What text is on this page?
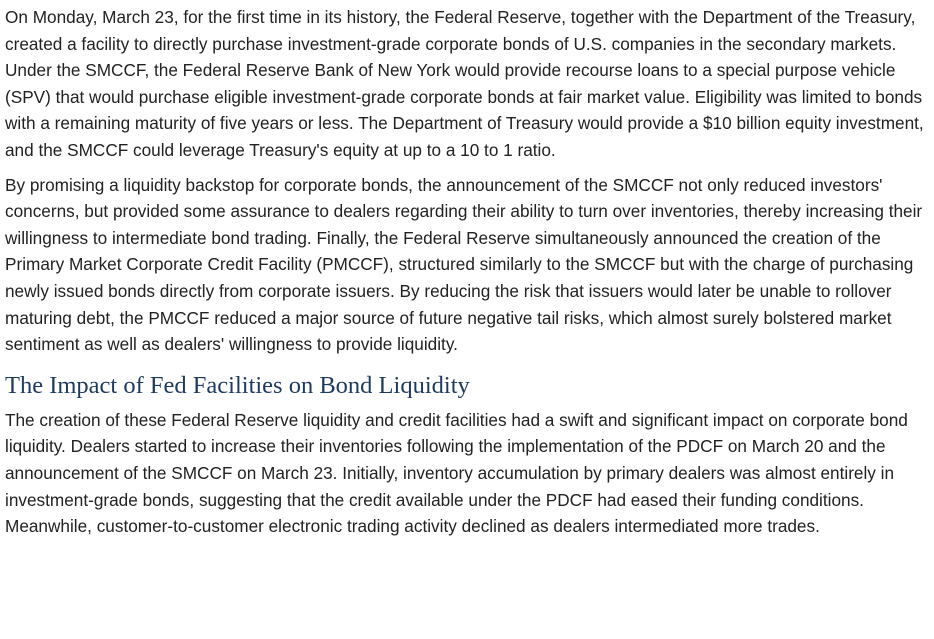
On Monday, March 23, for the first time in its history, the Federal Reserve, together with the Department of the Treasury, created a facility to directly purchase investment-grade corporate bonds of U.S. companies in the secondary markets. Under the SMCCF, the Federal Reserve Bank of New York would provide recourse loans to a special purpose vehicle (SPV) that would purchase eligible investment-grade corporate bonds at fair market value. Eligibility was limited to bonds with a remaining maturity of five years or less. The Department of Treasury would provide a $10 billion equity investment, and the SMCCF could leverage Treasury's equity at up to a 10 to 1 ratio.

By promising a liquidity backstop for corporate bonds, the announcement of the SMCCF not only reduced investors' concerns, but provided some assurance to dealers regarding their ability to turn over inventories, thereby increasing their willingness to intermediate bond trading. Finally, the Federal Reserve simultaneously announced the creation of the Primary Market Corporate Credit Facility (PMCCF), structured similarly to the SMCCF but with the charge of purchasing newly issued bonds directly from corporate issuers. By reducing the risk that issuers would later be unable to rollover maturing debt, the PMCCF reduced a major source of future negative tail risks, which almost surely bolstered market sentiment as well as dealers' willingness to provide liquidity.

The Impact of Fed Facilities on Bond Liquidity

The creation of these Federal Reserve liquidity and credit facilities had a swift and significant impact on corporate bond liquidity. Dealers started to increase their inventories following the implementation of the PDCF on March 20 and the announcement of the SMCCF on March 23. Initially, inventory accumulation by primary dealers was almost entirely in investment-grade bonds, suggesting that the credit available under the PDCF had eased their funding conditions. Meanwhile, customer-to-customer electronic trading activity declined as dealers intermediated more trades.
